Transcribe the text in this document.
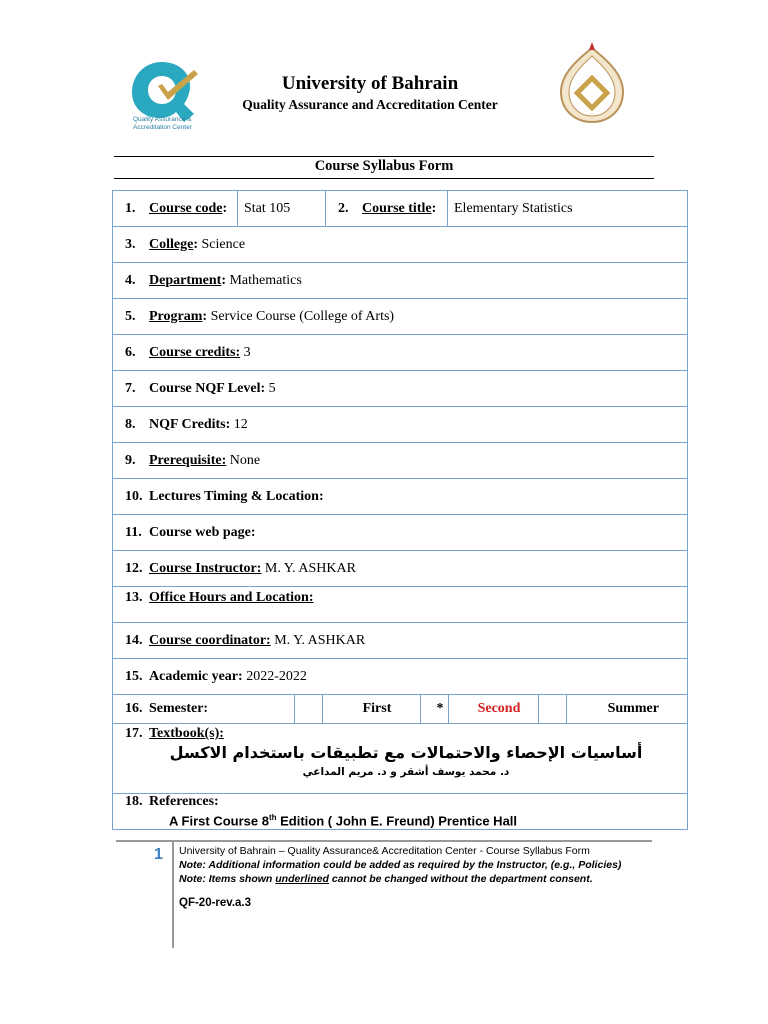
Quality Assurance &
Accreditation Center
University of Bahrain
Quality Assurance and Accreditation Center
Course Syllabus Form
1. Course code:	Stat 105	2. Course title:	Elementary Statistics
3. College: Science
4. Department: Mathematics
5. Program: Service Course (College of Arts)
6. Course credits: 3
7. Course NQF Level: 5
8. NQF Credits: 12
9. Prerequisite: None
10. Lectures Timing & Location:
11. Course web page:
12. Course Instructor: M. Y. ASHKAR
13. Office Hours and Location:
14. Course coordinator: M. Y. ASHKAR
15. Academic year: 2022-2022

16. Semester:		First	*	Second		Summer

17. Textbook(s):
أساسيات الإحصاء والاحتمالات مع تطبيقات باستخدام الاكسل
د. محمد يوسف أشقر و د. مريم المداعي

18. References:
A First Course 8th Edition ( John E. Freund) Prentice Hall
1 University of Bahrain – Quality Assurance& Accreditation Center - Course Syllabus Form
Note: Additional information could be added as required by the Instructor, (e.g., Policies)
Note: Items shown underlined cannot be changed without the department consent.
QF-20-rev.a.3
